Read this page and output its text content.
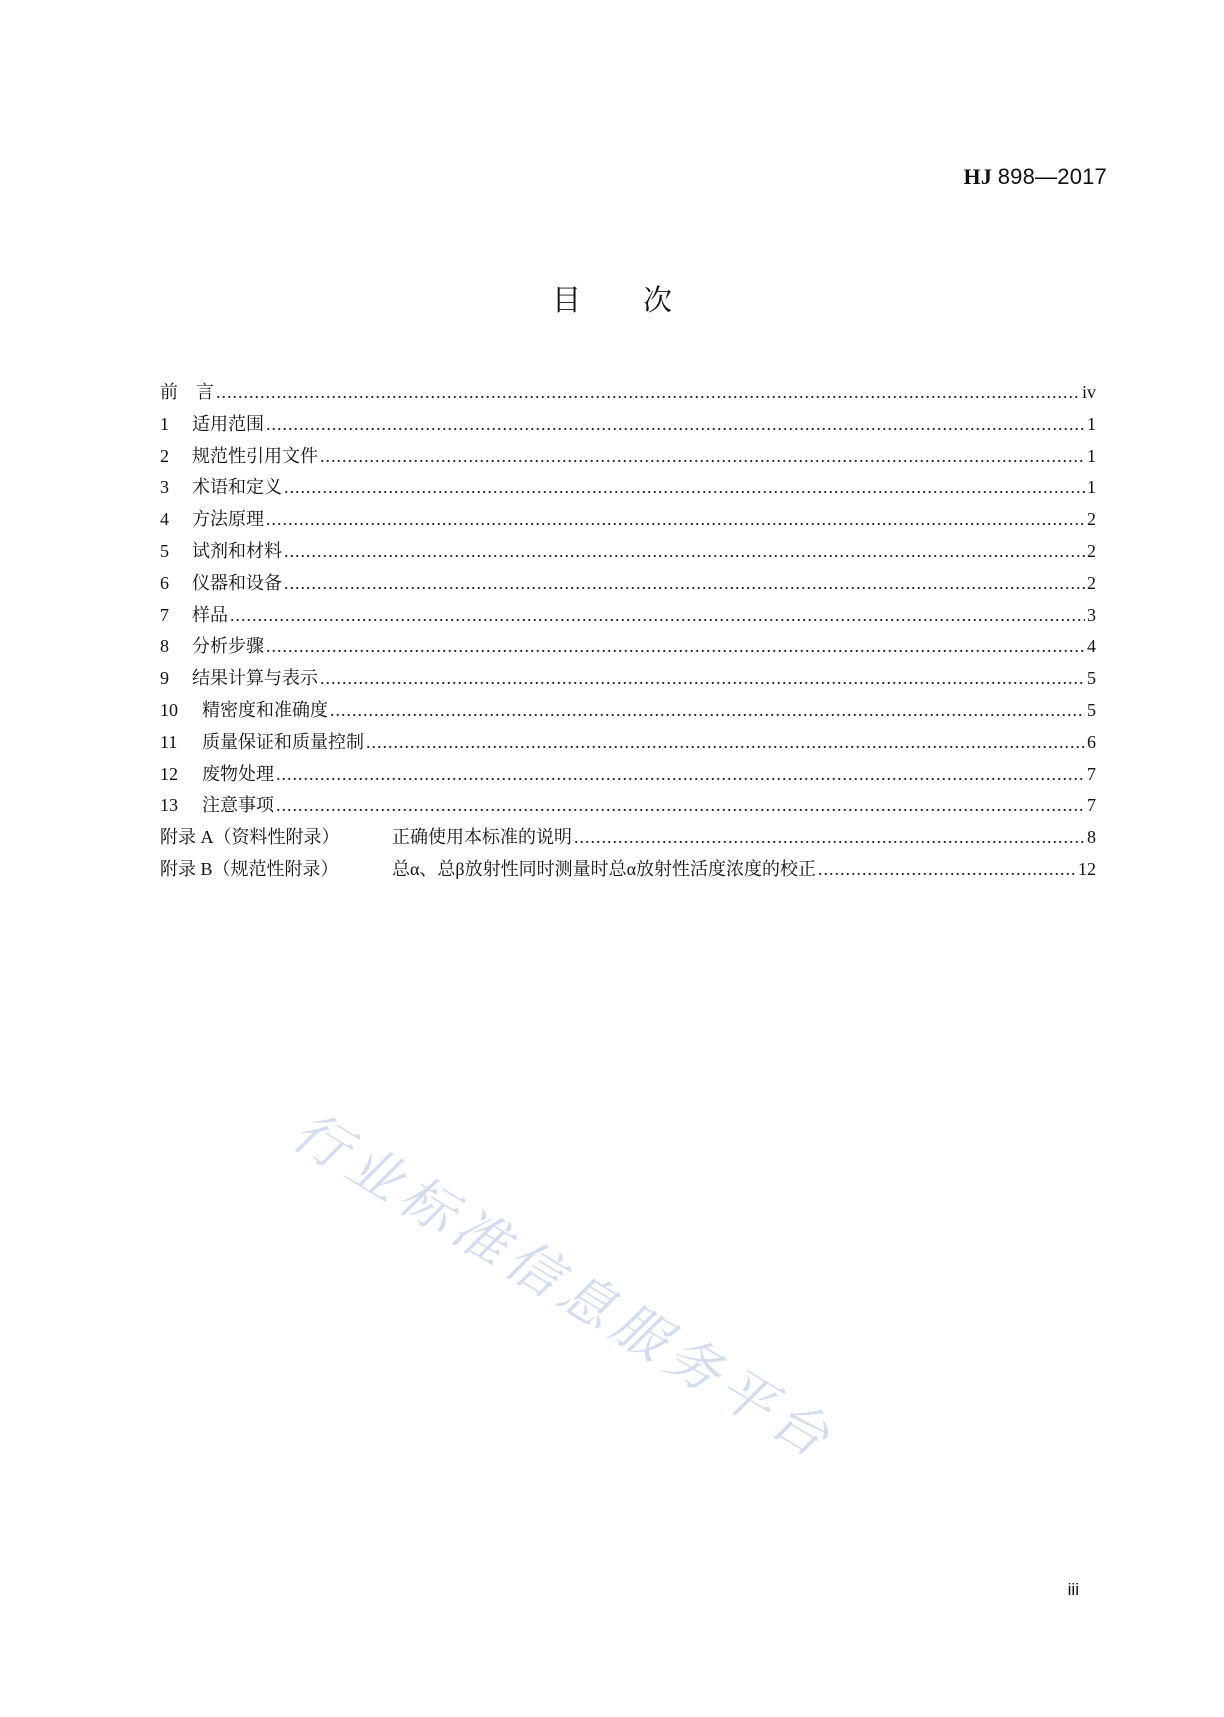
HJ 898—2017
目次
前　言 .....	iv
1	适用范围 .....	1
2	规范性引用文件 .....	1
3	术语和定义 .....	1
4	方法原理 .....	2
5	试剂和材料 .....	2
6	仪器和设备 .....	2
7	样品 .....	3
8	分析步骤 .....	4
9	结果计算与表示 .....	5
10	精密度和准确度 .....	5
11	质量保证和质量控制 .....	6
12	废物处理 .....	7
13	注意事项 .....	7
附录 A（资料性附录）	正确使用本标准的说明 .....	8
附录 B（规范性附录）	总α、总β放射性同时测量时总α放射性活度浓度的校正 .....	12
行业标准信息服务平台
iii
